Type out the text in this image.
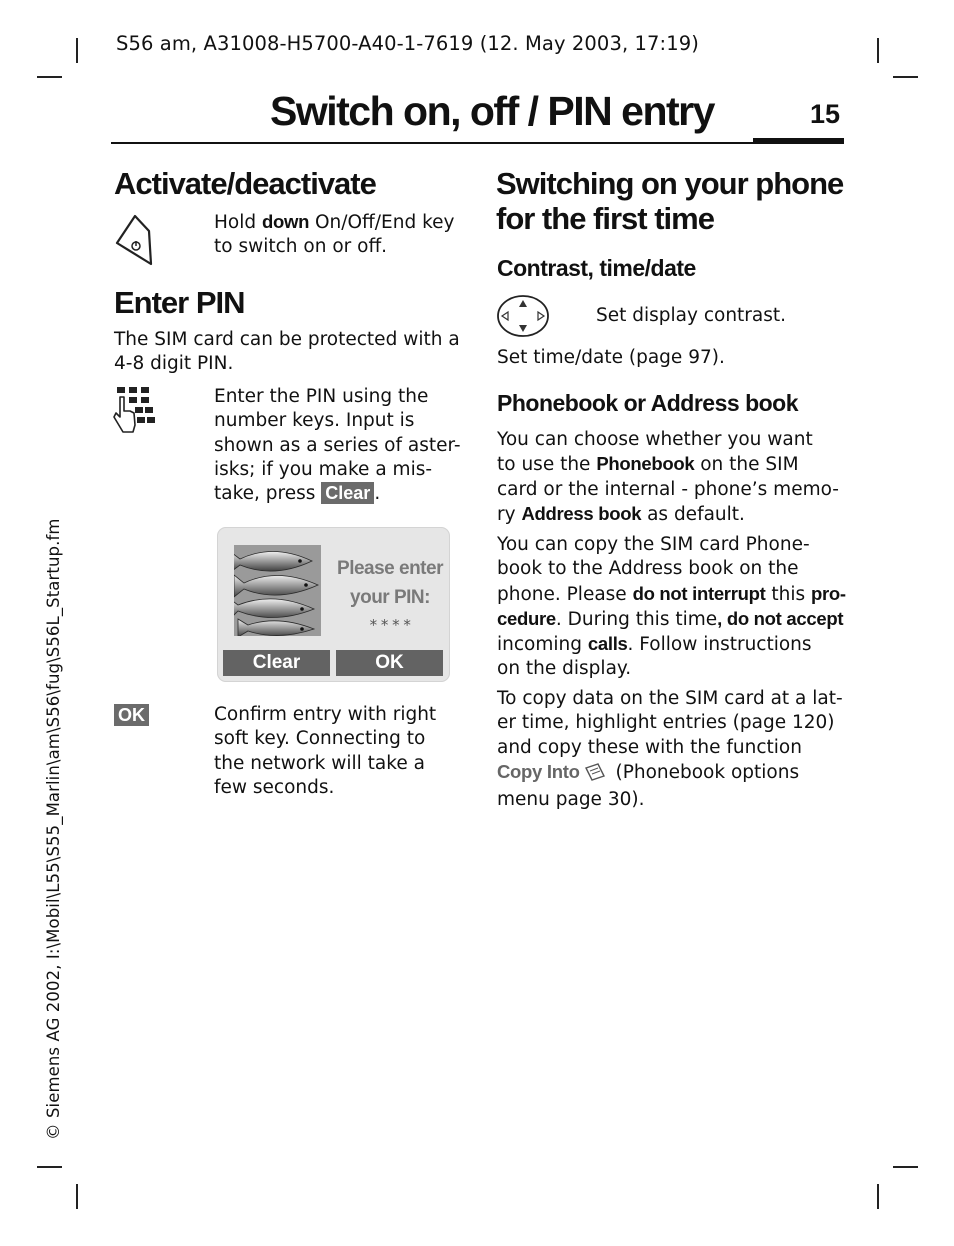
S56 am, A31008-H5700-A40-1-7619 (12. May 2003, 17:19)
Switch on, off / PIN entry	15
© Siemens AG 2002, I:\Mobil\L55\S55_Marlin\am\S56\fug\S56L_Startup.fm
Activate/deactivate
Hold down On/Off/End key
to switch on or off.
Enter PIN
The SIM card can be protected with a
4-8 digit PIN.
Enter the PIN using the
number keys. Input is
shown as a series of aster-
isks; if you make a mis-
take, press Clear .
Please enter
your PIN:
* * * *
Clear	OK
OK	Confirm entry with right
soft key. Connecting to
the network will take a
few seconds.
Switching on your phone
for the first time
Contrast, time/date
Set display contrast.
Set time/date (page 97).
Phonebook or Address book
You can choose whether you want
to use the Phonebook on the SIM
card or the internal - phone’s memo-
ry Address book as default.
You can copy the SIM card Phone-
book to the Address book on the
phone. Please do not interrupt this pro-
cedure. During this time, do not accept
incoming calls. Follow instructions
on the display.
To copy data on the SIM card at a lat-
er time, highlight entries (page 120)
and copy these with the function
Copy Into (Phonebook options
menu page 30).
